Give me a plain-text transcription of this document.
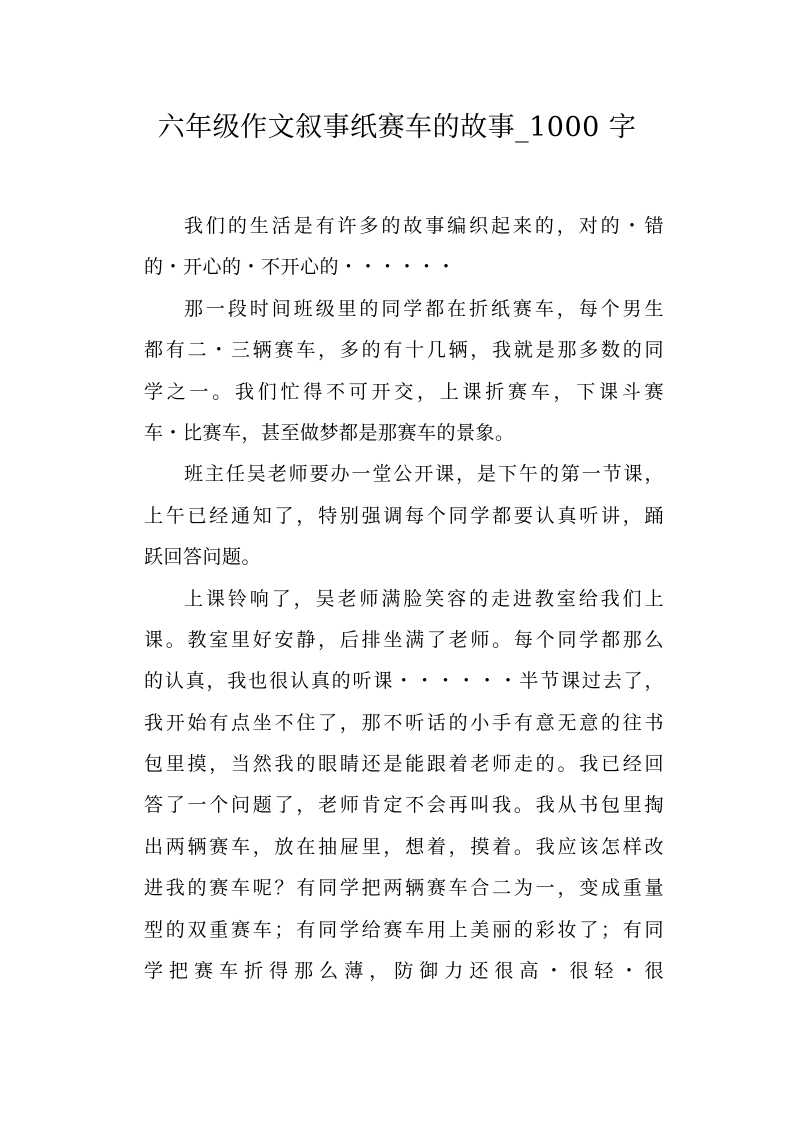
六年级作文叙事纸赛车的故事_1000 字
我们的生活是有许多的故事编织起来的，对的・错
的・开心的・不开心的・・・・・・
那一段时间班级里的同学都在折纸赛车，每个男生
都有二・三辆赛车，多的有十几辆，我就是那多数的同
学之一。我们忙得不可开交，上课折赛车，下课斗赛
车・比赛车，甚至做梦都是那赛车的景象。
班主任吴老师要办一堂公开课，是下午的第一节课，
上午已经通知了，特别强调每个同学都要认真听讲，踊
跃回答问题。
上课铃响了，吴老师满脸笑容的走进教室给我们上
课。教室里好安静，后排坐满了老师。每个同学都那么
的认真，我也很认真的听课・・・・・・半节课过去了，
我开始有点坐不住了，那不听话的小手有意无意的往书
包里摸，当然我的眼睛还是能跟着老师走的。我已经回
答了一个问题了，老师肯定不会再叫我。我从书包里掏
出两辆赛车，放在抽屉里，想着，摸着。我应该怎样改
进我的赛车呢？有同学把两辆赛车合二为一，变成重量
型的双重赛车；有同学给赛车用上美丽的彩妆了；有同
学把赛车折得那么薄，防御力还很高・很轻・很
